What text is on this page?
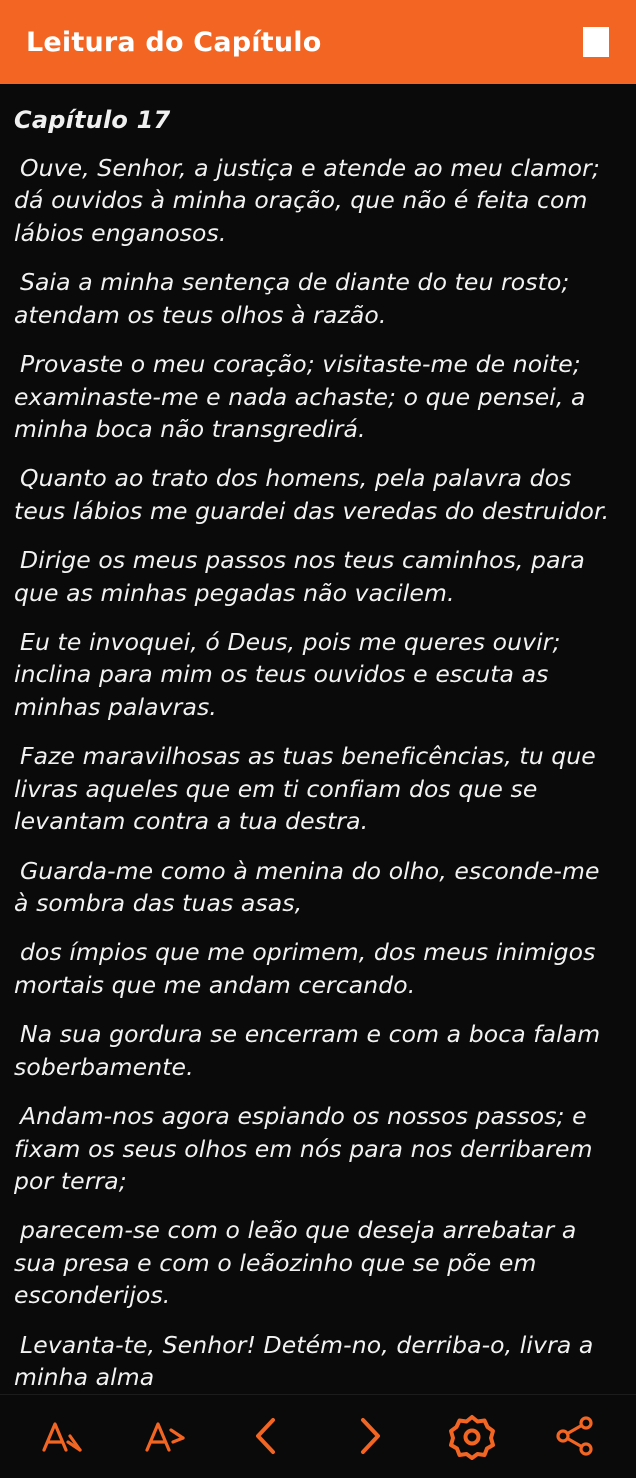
Leitura do Capítulo
Capítulo 17

Ouve, Senhor, a justiça e atende ao meu clamor; dá ouvidos à minha oração, que não é feita com lábios enganosos.

Saia a minha sentença de diante do teu rosto; atendam os teus olhos à razão.

Provaste o meu coração; visitaste-me de noite; examinaste-me e nada achaste; o que pensei, a minha boca não transgredirá.

Quanto ao trato dos homens, pela palavra dos teus lábios me guardei das veredas do destruidor.

Dirige os meus passos nos teus caminhos, para que as minhas pegadas não vacilem.

Eu te invoquei, ó Deus, pois me queres ouvir; inclina para mim os teus ouvidos e escuta as minhas palavras.

Faze maravilhosas as tuas beneficências, tu que livras aqueles que em ti confiam dos que se levantam contra a tua destra.

Guarda-me como à menina do olho, esconde-me à sombra das tuas asas,

dos ímpios que me oprimem, dos meus inimigos mortais que me andam cercando.

Na sua gordura se encerram e com a boca falam soberbamente.

Andam-nos agora espiando os nossos passos; e fixam os seus olhos em nós para nos derribarem por terra;

parecem-se com o leão que deseja arrebatar a sua presa e com o leãozinho que se põe em esconderijos.

Levanta-te, Senhor! Detém-no, derriba-o, livra a minha alma
